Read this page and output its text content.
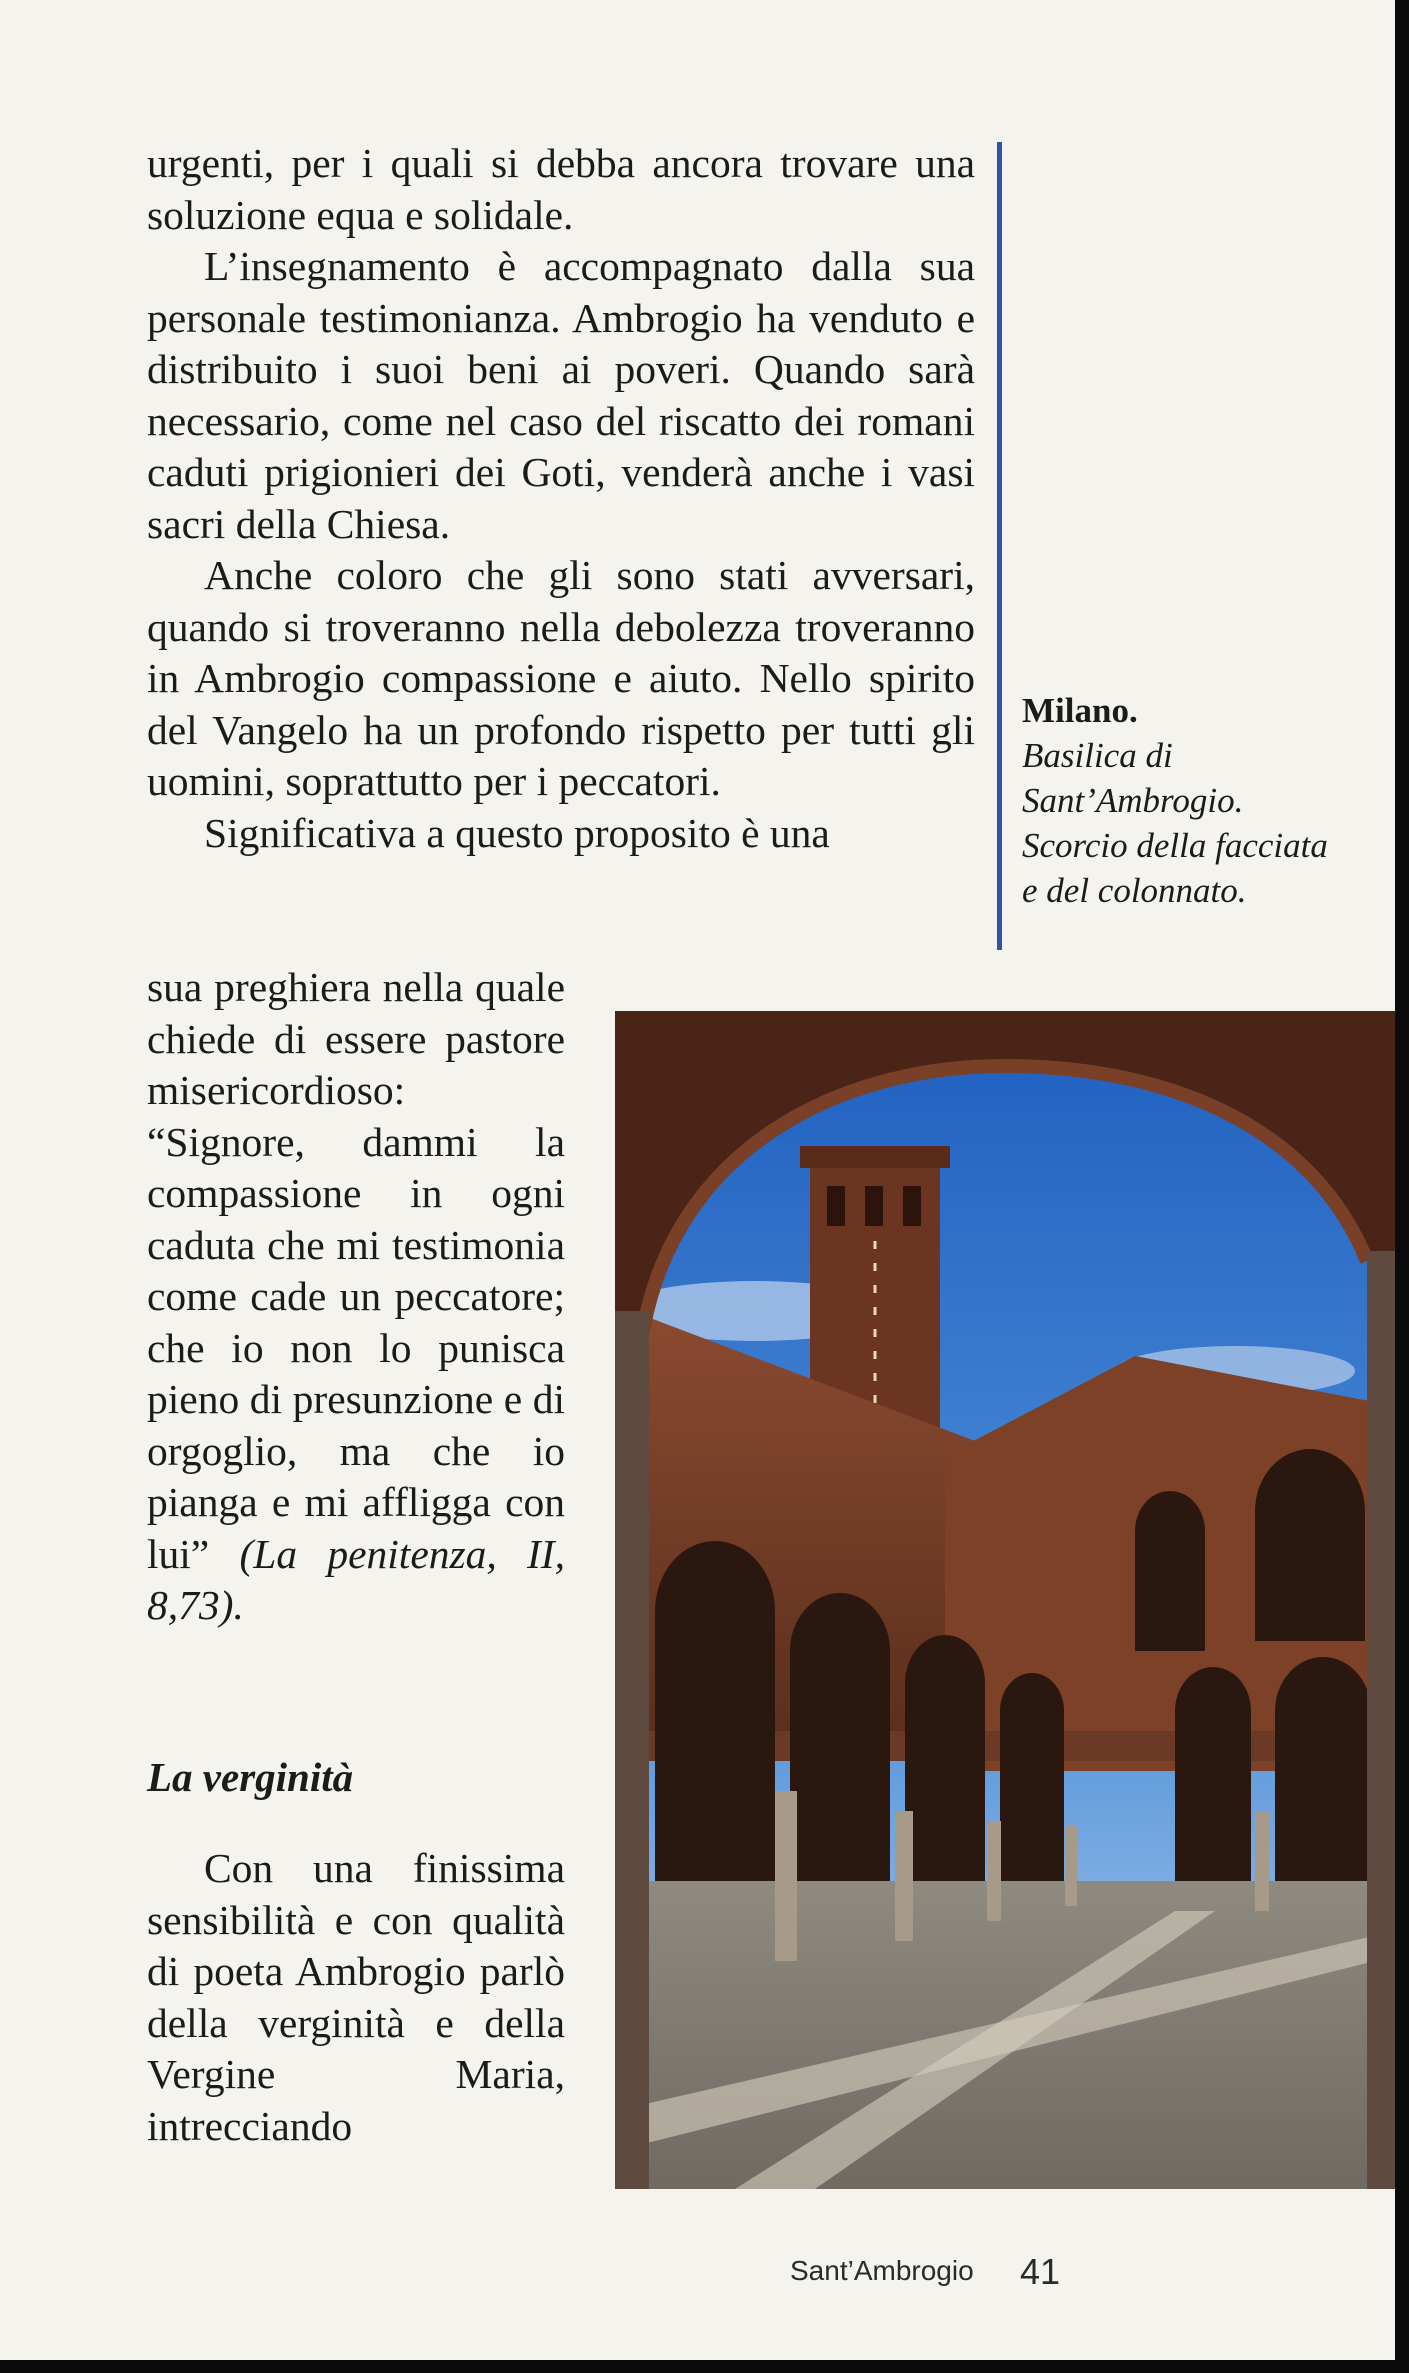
urgenti, per i quali si debba ancora trovare una soluzione equa e solidale.

L’insegnamento è accompagnato dalla sua personale testimonianza. Ambrogio ha venduto e distribuito i suoi beni ai poveri. Quando sarà necessario, come nel caso del riscatto dei romani caduti prigionieri dei Goti, venderà anche i vasi sacri della Chiesa.

Anche coloro che gli sono stati avversari, quando si troveranno nella debolezza troveranno in Ambrogio compassione e aiuto. Nello spirito del Vangelo ha un profondo rispetto per tutti gli uomini, soprattutto per i peccatori.

Significativa a questo proposito è una

sua preghiera nella quale chiede di essere pastore misericordioso: “Signore, dammi la compassione in ogni caduta che mi testimonia come cade un peccatore; che io non lo punisca pieno di presunzione e di orgoglio, ma che io pianga e mi affligga con lui” (La penitenza, II, 8,73).

La verginità

Con una finissima sensibilità e con qualità di poeta Ambrogio parlò della verginità e della Vergine Maria, intrecciando

Milano.
Basilica di Sant’Ambrogio. Scorcio della facciata e del colonnato.
Sant’Ambrogio 41
